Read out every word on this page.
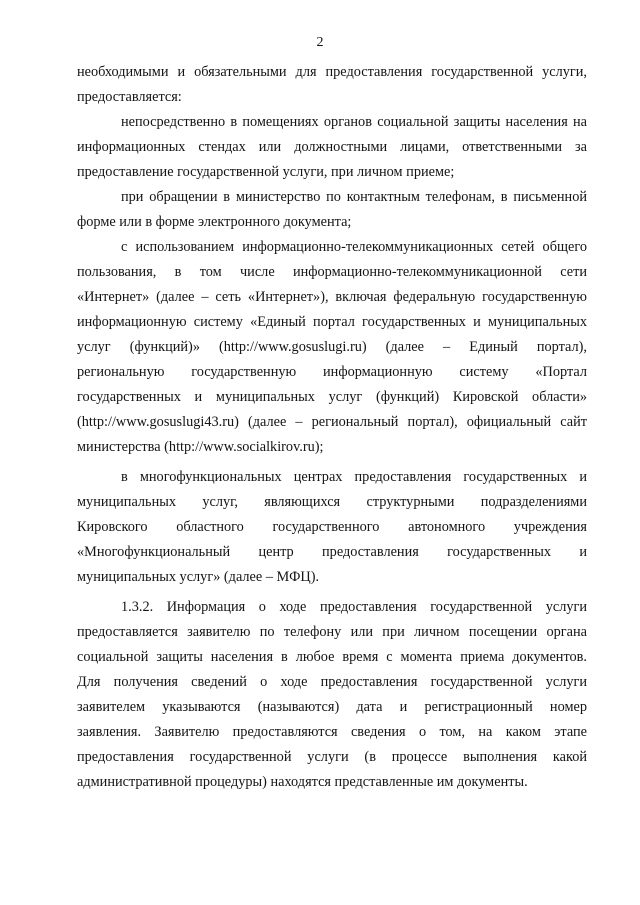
2
необходимыми и обязательными для предоставления государственной услуги,
предоставляется:
непосредственно в помещениях органов социальной защиты населения на
информационных стендах или должностными лицами, ответственными за
предоставление государственной услуги, при личном приеме;
при обращении в министерство по контактным телефонам, в письменной
форме или в форме электронного документа;
с использованием информационно-телекоммуникационных сетей общего
пользования, в том числе информационно-телекоммуникационной сети
«Интернет» (далее – сеть «Интернет»), включая федеральную государственную
информационную систему «Единый портал государственных и муниципальных
услуг (функций)» (http://www.gosuslugi.ru) (далее – Единый портал),
региональную государственную информационную систему «Портал
государственных и муниципальных услуг (функций) Кировской области»
(http://www.gosuslugi43.ru) (далее – региональный портал), официальный сайт
министерства (http://www.socialkirov.ru);
в многофункциональных центрах предоставления государственных и
муниципальных услуг, являющихся структурными подразделениями
Кировского областного государственного автономного учреждения
«Многофункциональный центр предоставления государственных и
муниципальных услуг» (далее – МФЦ).
1.3.2. Информация о ходе предоставления государственной услуги
предоставляется заявителю по телефону или при личном посещении органа
социальной защиты населения в любое время с момента приема документов.
Для получения сведений о ходе предоставления государственной услуги
заявителем указываются (называются) дата и регистрационный номер
заявления. Заявителю предоставляются сведения о том, на каком этапе
предоставления государственной услуги (в процессе выполнения какой
административной процедуры) находятся представленные им документы.
